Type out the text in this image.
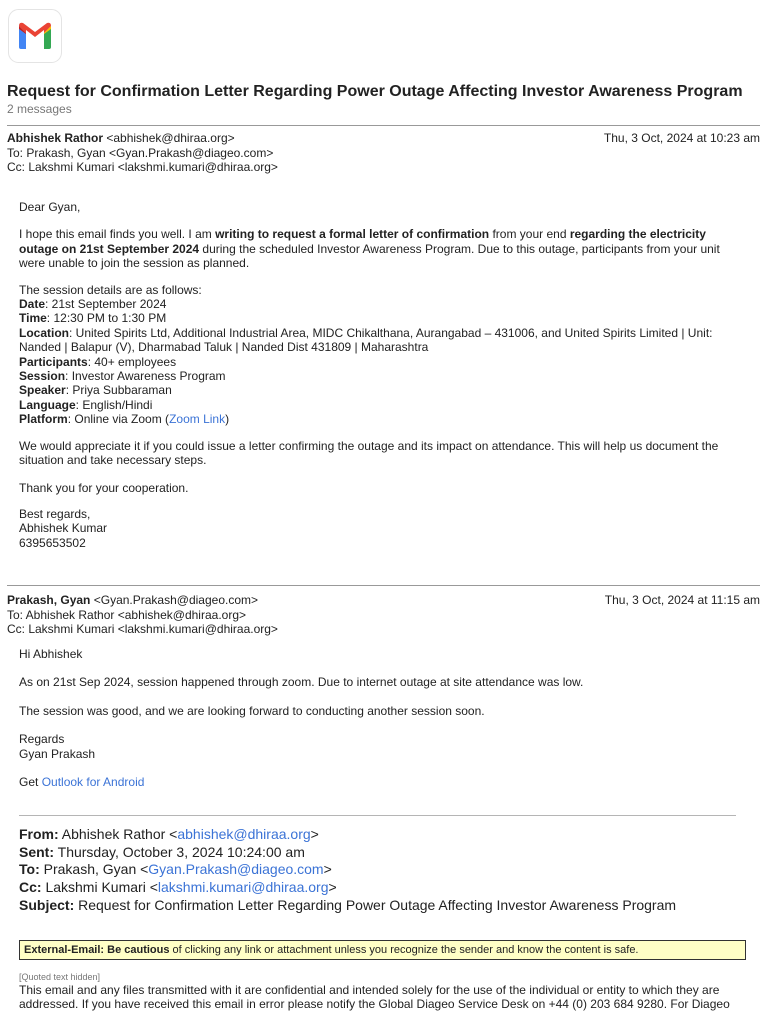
Request for Confirmation Letter Regarding Power Outage Affecting Investor Awareness Program
2 messages
Abhishek Rathor <abhishek@dhiraa.org>	Thu, 3 Oct, 2024 at 10:23 am
To: Prakash, Gyan <Gyan.Prakash@diageo.com>
Cc: Lakshmi Kumari <lakshmi.kumari@dhiraa.org>

Dear Gyan,

I hope this email finds you well. I am writing to request a formal letter of confirmation from your end regarding the electricity outage on 21st September 2024 during the scheduled Investor Awareness Program. Due to this outage, participants from your unit were unable to join the session as planned.

The session details are as follows:

Date: 21st September 2024

Time: 12:30 PM to 1:30 PM

Location: United Spirits Ltd, Additional Industrial Area, MIDC Chikalthana, Aurangabad – 431006, and United Spirits Limited | Unit: Nanded | Balapur (V), Dharmabad Taluk | Nanded Dist 431809 | Maharashtra

Participants: 40+ employees

Session: Investor Awareness Program

Speaker: Priya Subbaraman

Language: English/Hindi

Platform: Online via Zoom (Zoom Link)

We would appreciate it if you could issue a letter confirming the outage and its impact on attendance. This will help us document the situation and take necessary steps.

Thank you for your cooperation.

Best regards,

Abhishek Kumar

6395653502

Prakash, Gyan <Gyan.Prakash@diageo.com>	Thu, 3 Oct, 2024 at 11:15 am
To: Abhishek Rathor <abhishek@dhiraa.org>
Cc: Lakshmi Kumari <lakshmi.kumari@dhiraa.org>

Hi Abhishek

As on 21st Sep 2024, session happened through zoom. Due to internet outage at site attendance was low.

The session was good, and we are looking forward to conducting another session soon.

Regards

Gyan Prakash

Get Outlook for Android

From: Abhishek Rathor <abhishek@dhiraa.org>
Sent: Thursday, October 3, 2024 10:24:00 am
To: Prakash, Gyan <Gyan.Prakash@diageo.com>
Cc: Lakshmi Kumari <lakshmi.kumari@dhiraa.org>
Subject: Request for Confirmation Letter Regarding Power Outage Affecting Investor Awareness Program
External-Email: Be cautious of clicking any link or attachment unless you recognize the sender and know the content is safe.
[Quoted text hidden]
This email and any files transmitted with it are confidential and intended solely for the use of the individual or entity to which they are addressed. If you have received this email in error please notify the Global Diageo Service Desk on +44 (0) 203 684 9280. For Diageo
